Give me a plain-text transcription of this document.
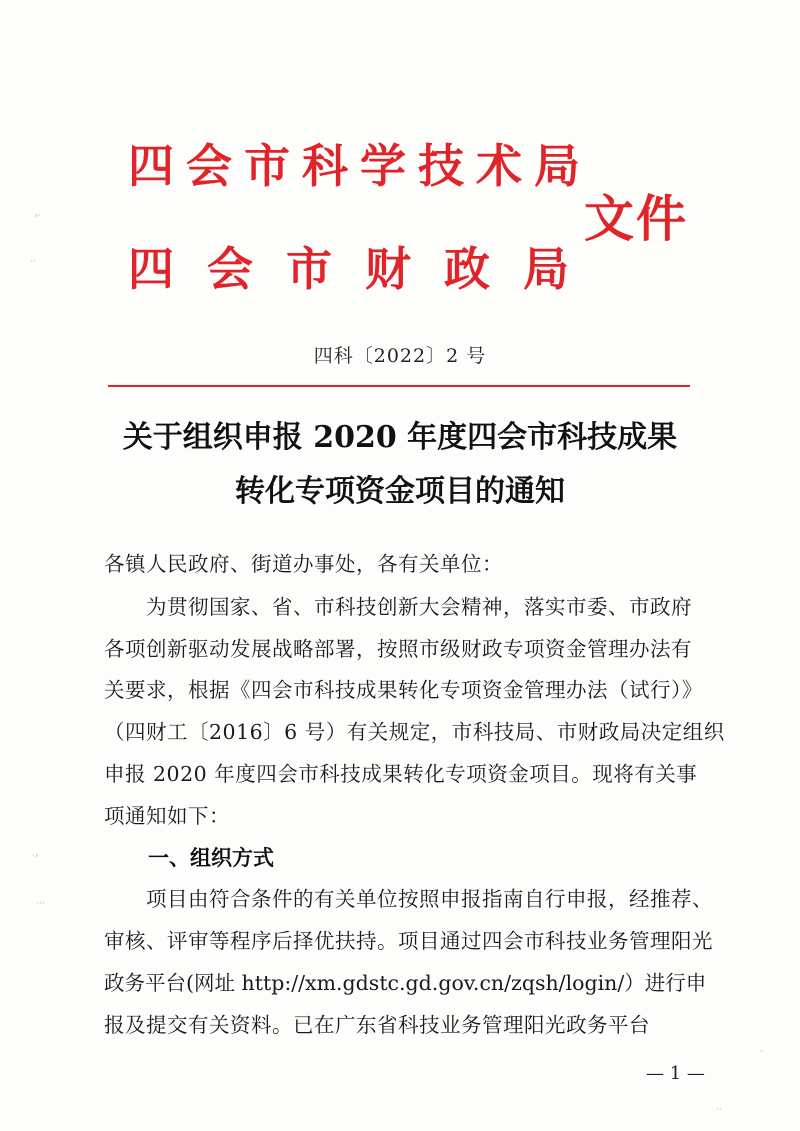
四会市科学技术局
四会市财政局
文件
四科〔2022〕2 号
关于组织申报 2020 年度四会市科技成果
转化专项资金项目的通知
各镇人民政府、街道办事处，各有关单位：
　　为贯彻国家、省、市科技创新大会精神，落实市委、市政府
各项创新驱动发展战略部署，按照市级财政专项资金管理办法有
关要求，根据《四会市科技成果转化专项资金管理办法（试行）》
（四财工〔2016〕6 号）有关规定，市科技局、市财政局决定组织
申报 2020 年度四会市科技成果转化专项资金项目。现将有关事
项通知如下：
一、组织方式
　　项目由符合条件的有关单位按照申报指南自行申报，经推荐、
审核、评审等程序后择优扶持。项目通过四会市科技业务管理阳光
政务平台(网址 http://xm.gdstc.gd.gov.cn/zqsh/login/）进行申
报及提交有关资料。已在广东省科技业务管理阳光政务平台
— 1 —
›·
··
·›
···
·
··
